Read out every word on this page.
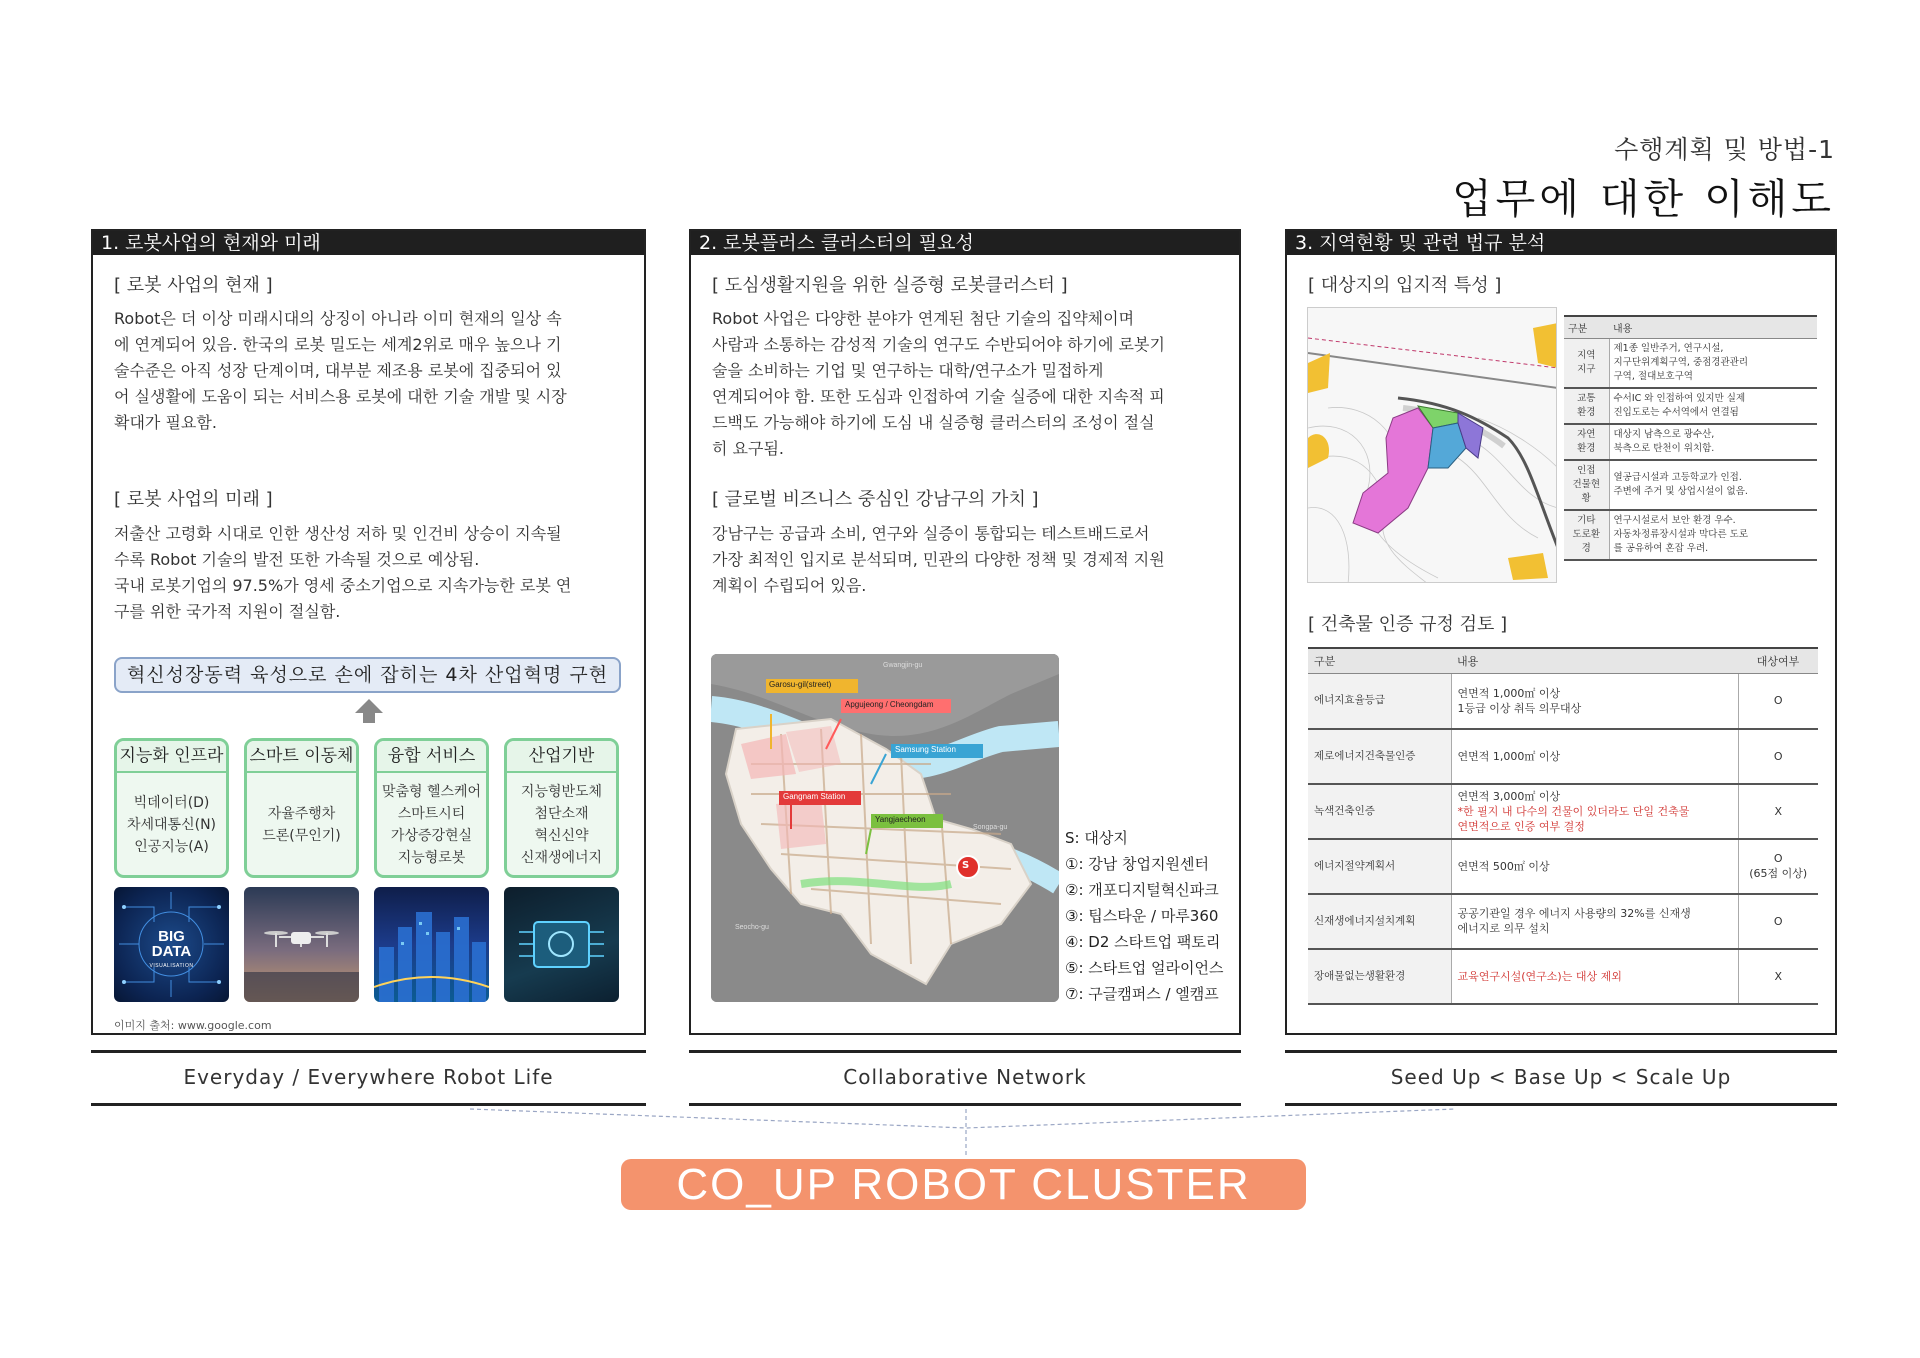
수행계획 및 방법-1
업무에 대한 이해도
1. 로봇사업의 현재와 미래
[ 로봇 사업의 현재 ]
Robot은 더 이상 미래시대의 상징이 아니라 이미 현재의 일상 속
에 연계되어 있음. 한국의 로봇 밀도는 세계2위로 매우 높으나 기
술수준은 아직 성장 단계이며, 대부분 제조용 로봇에 집중되어 있
어 실생활에 도움이 되는 서비스용 로봇에 대한 기술 개발 및 시장
확대가 필요함.
[ 로봇 사업의 미래 ]
저출산 고령화 시대로 인한 생산성 저하 및 인건비 상승이 지속될
수록 Robot 기술의 발전 또한 가속될 것으로 예상됨.
국내 로봇기업의 97.5%가 영세 중소기업으로 지속가능한 로봇 연
구를 위한 국가적 지원이 절실함.
혁신성장동력 육성으로 손에 잡히는 4차 산업혁명 구현
지능화 인프라
빅데이터(D)
차세대통신(N)
인공지능(A)
스마트 이동체
자율주행차
드론(무인기)
융합 서비스
맞춤형 헬스케어
스마트시티
가상증강현실
지능형로봇
산업기반
지능형반도체
첨단소재
혁신신약
신재생에너지
BIG
DATA
VISUALISATION
이미지 출처: www.google.com
2. 로봇플러스 클러스터의 필요성
[ 도심생활지원을 위한 실증형 로봇클러스터 ]
Robot 사업은 다양한 분야가 연계된 첨단 기술의 집약체이며
사람과 소통하는 감성적 기술의 연구도 수반되어야 하기에 로봇기
술을 소비하는 기업 및 연구하는 대학/연구소가 밀접하게
연계되어야 함. 또한 도심과 인접하여 기술 실증에 대한 지속적 피
드백도 가능해야 하기에 도심 내 실증형 클러스터의 조성이 절실
히 요구됨.
[ 글로벌 비즈니스 중심인 강남구의 가치 ]
강남구는 공급과 소비, 연구와 실증이 통합되는 테스트배드로서
가장 최적인 입지로 분석되며, 민관의 다양한 정책 및 경제적 지원
계획이 수립되어 있음.
Garosu-gil(street)
Apgujeong / Cheongdam
Samsung Station
Gangnam Station
Yangjaecheon
Gwangjin-gu
Songpa-gu
Seocho-gu
S
S: 대상지
①: 강남 창업지원센터
②: 개포디지털혁신파크
③: 팁스타운 / 마루360
④: D2 스타트업 팩토리
⑤: 스타트업 얼라이언스
⑦: 구글캠퍼스 / 엘캠프
3. 지역현황 및 관련 법규 분석
[ 대상지의 입지적 특성 ]
구분	내용
지역
지구	제1종 일반주거, 연구시설,
지구단위계획구역, 중점경관관리
구역, 절대보호구역
교통
환경	수서IC 와 인접하여 있지만 실제
진입도로는 수서역에서 연결됨
자연
환경	대상지 남측으로 광수산,
북측으로 탄천이 위치함.
인접
건물현황	열공급시설과 고등학교가 인접.
주변에 주거 및 상업시설이 없음.
기타
도로환경	연구시설로서 보안 환경 우수.
자동차정류장시설과 막다른 도로
를 공유하여 혼잡 우려.
[ 건축물 인증 규정 검토 ]
구분	내용	대상여부
에너지효율등급	연면적 1,000㎡ 이상
1등급 이상 취득 의무대상	O
제로에너지건축물인증	연면적 1,000㎡ 이상	O
녹색건축인증	연면적 3,000㎡ 이상
*한 필지 내 다수의 건물이 있더라도 단일 건축물
연면적으로 인증 여부 결정	X
에너지절약계획서	연면적 500㎡ 이상	O
(65점 이상)
신재생에너지설치계획	공공기관일 경우 에너지 사용량의 32%를 신재생
에너지로 의무 설치	O
장애물없는생활환경	교육연구시설(연구소)는 대상 제외	X
Everyday / Everywhere Robot Life	Collaborative Network	Seed Up < Base Up < Scale Up
CO_UP ROBOT CLUSTER
